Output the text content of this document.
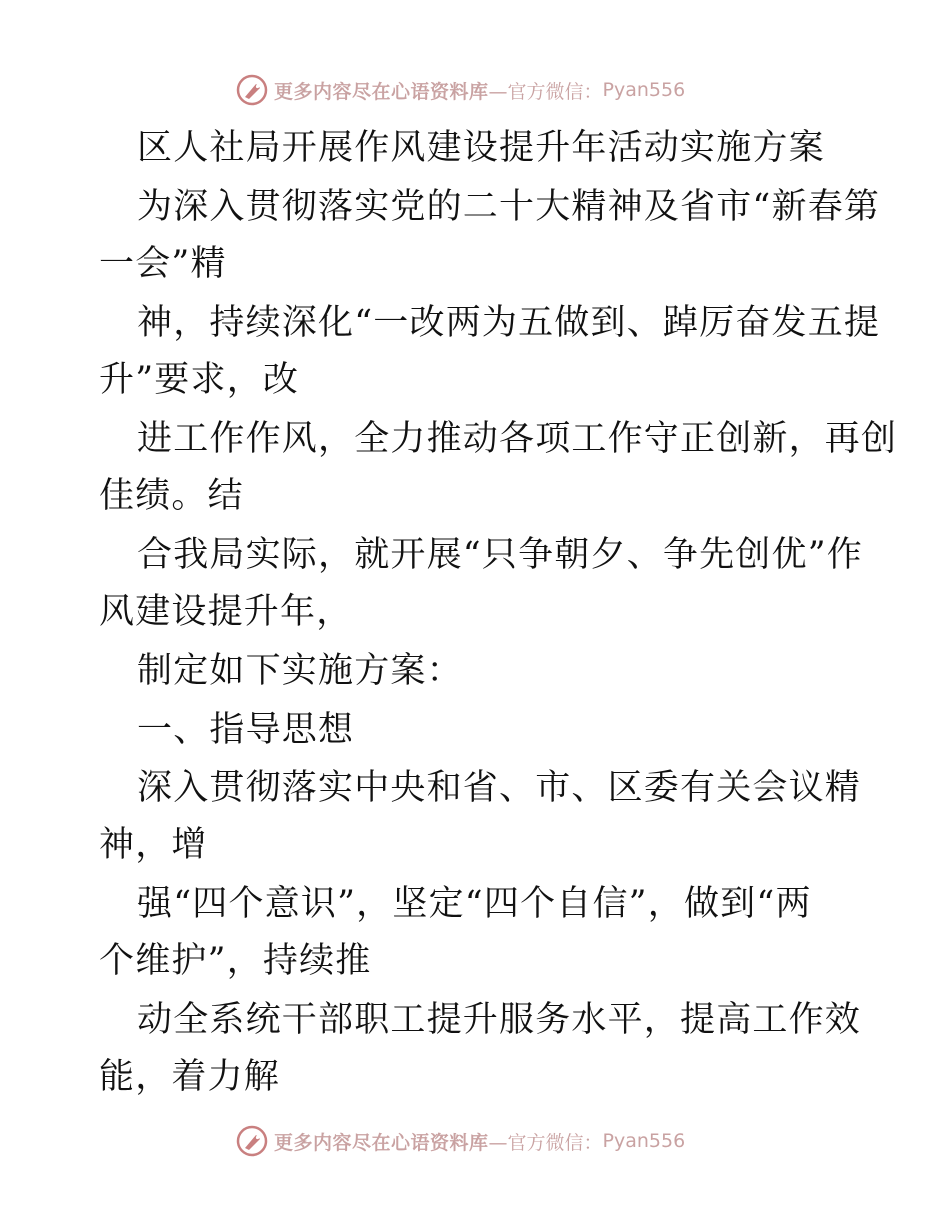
更多内容尽在心语资料库 —官方微信： Pyan556
区人社局开展作风建设提升年活动实施方案
为深入贯彻落实党的二十大精神及省市“新春第
一会”精
神，持续深化“一改两为五做到、踔厉奋发五提
升”要求，改
进工作作风，全力推动各项工作守正创新，再创
佳绩。结
合我局实际，就开展“只争朝夕、争先创优”作
风建设提升年，
制定如下实施方案：
一、指导思想
深入贯彻落实中央和省、市、区委有关会议精
神，增
强“四个意识”，坚定“四个自信”，做到“两
个维护”，持续推
动全系统干部职工提升服务水平，提高工作效
能，着力解
更多内容尽在心语资料库 —官方微信： Pyan556
